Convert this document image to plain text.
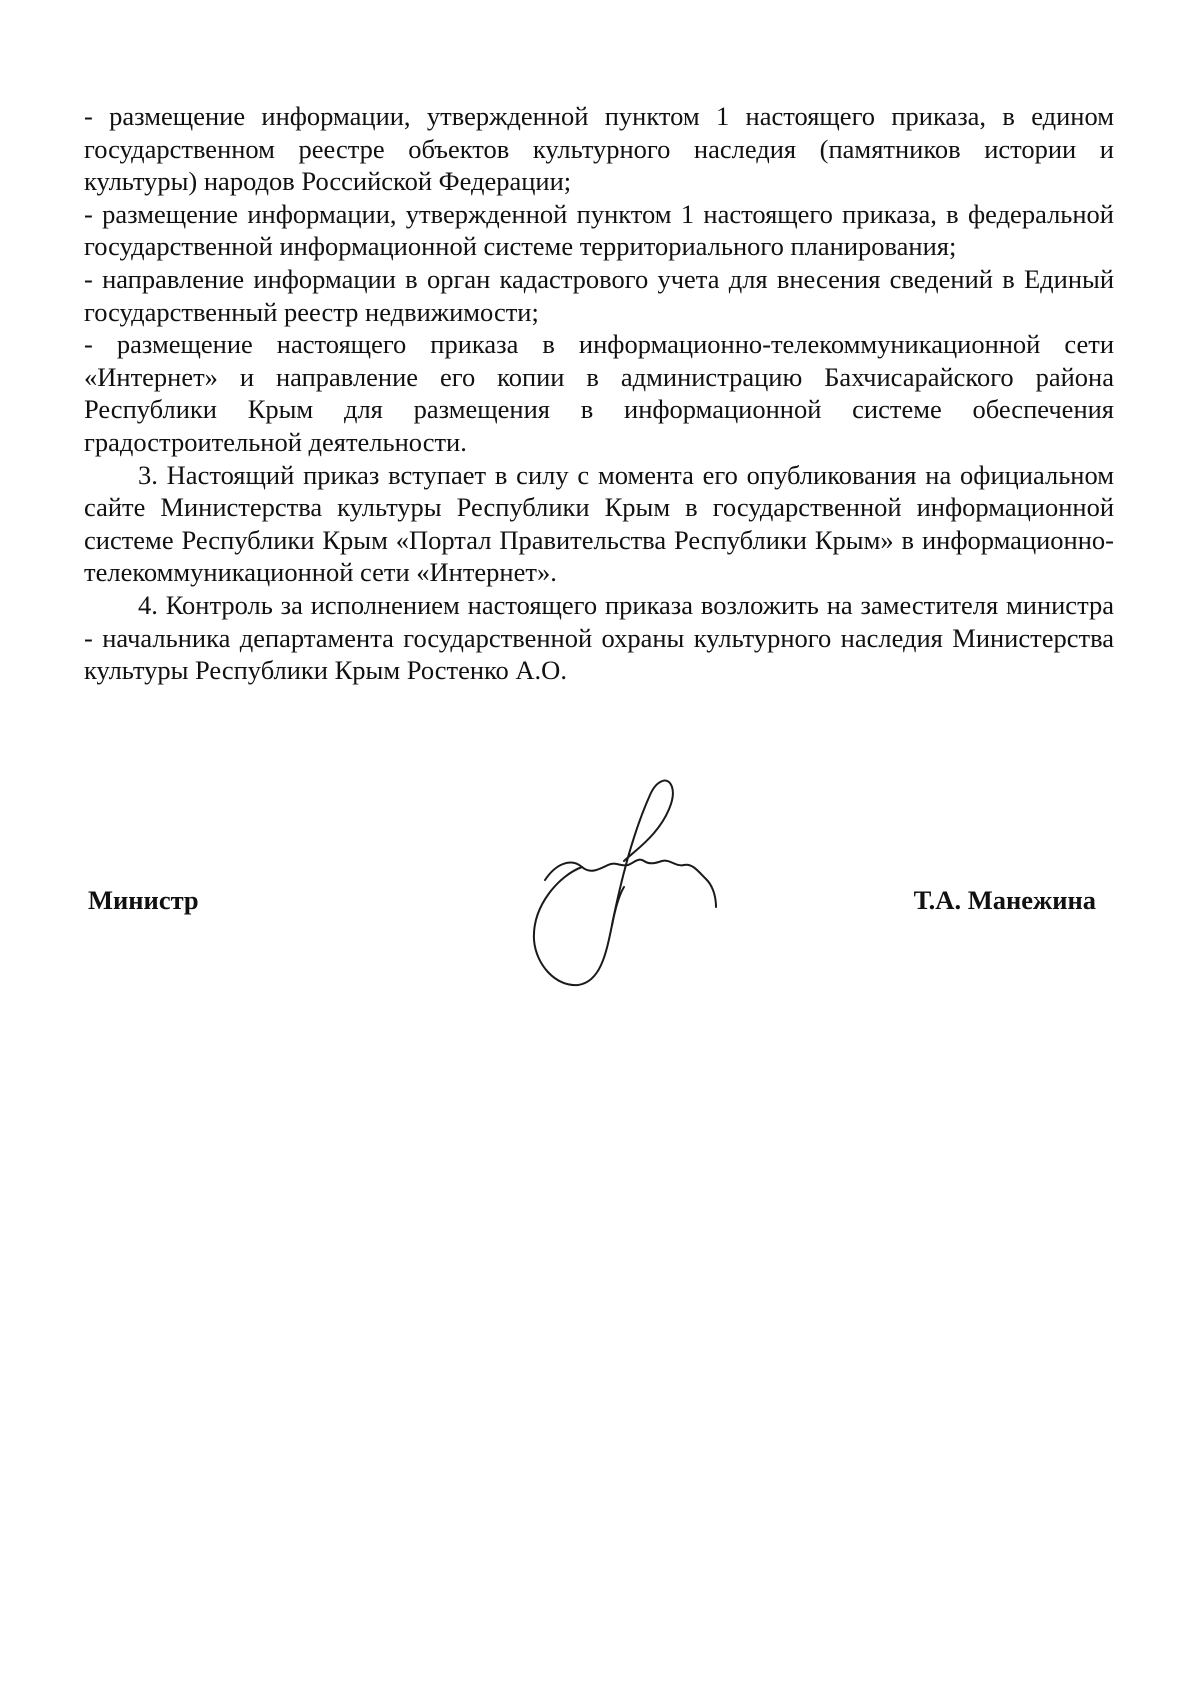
- размещение информации, утвержденной пунктом 1 настоящего приказа, в едином государственном реестре объектов культурного наследия (памятников истории и культуры) народов Российской Федерации;

- размещение информации, утвержденной пунктом 1 настоящего приказа, в федеральной государственной информационной системе территориального планирования;

- направление информации в орган кадастрового учета для внесения сведений в Единый государственный реестр недвижимости;

- размещение настоящего приказа в информационно-телекоммуникационной сети «Интернет» и направление его копии в администрацию Бахчисарайского района Республики Крым для размещения в информационной системе обеспечения градостроительной деятельности.

3. Настоящий приказ вступает в силу с момента его опубликования на официальном сайте Министерства культуры Республики Крым в государственной информационной системе Республики Крым «Портал Правительства Республики Крым» в информационно-телекоммуникационной сети «Интернет».

4. Контроль за исполнением настоящего приказа возложить на заместителя министра - начальника департамента государственной охраны культурного наследия Министерства культуры Республики Крым Ростенко А.О.

Министр	Т.А. Манежина
